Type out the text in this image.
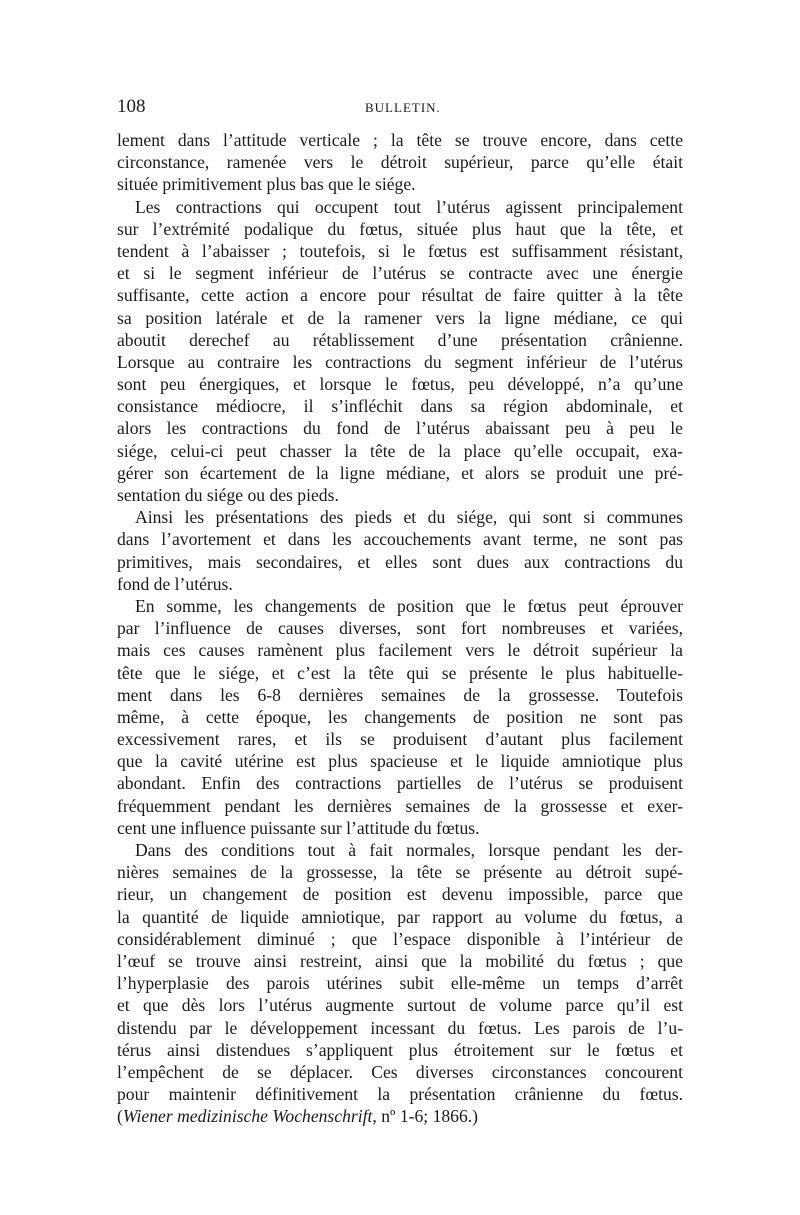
108	BULLETIN.
lement dans l’attitude verticale ; la tête se trouve encore, dans cette
circonstance, ramenée vers le détroit supérieur, parce qu’elle était
située primitivement plus bas que le siége.
Les contractions qui occupent tout l’utérus agissent principalement
sur l’extrémité podalique du fœtus, située plus haut que la tête, et
tendent à l’abaisser ; toutefois, si le fœtus est suffisamment résistant,
et si le segment inférieur de l’utérus se contracte avec une énergie
suffisante, cette action a encore pour résultat de faire quitter à la tête
sa position latérale et de la ramener vers la ligne médiane, ce qui
aboutit derechef au rétablissement d’une présentation crânienne.
Lorsque au contraire les contractions du segment inférieur de l’utérus
sont peu énergiques, et lorsque le fœtus, peu développé, n’a qu’une
consistance médiocre, il s’infléchit dans sa région abdominale, et
alors les contractions du fond de l’utérus abaissant peu à peu le
siége, celui-ci peut chasser la tête de la place qu’elle occupait, exa-
gérer son écartement de la ligne médiane, et alors se produit une pré-
sentation du siége ou des pieds.
Ainsi les présentations des pieds et du siége, qui sont si communes
dans l’avortement et dans les accouchements avant terme, ne sont pas
primitives, mais secondaires, et elles sont dues aux contractions du
fond de l’utérus.
En somme, les changements de position que le fœtus peut éprouver
par l’influence de causes diverses, sont fort nombreuses et variées,
mais ces causes ramènent plus facilement vers le détroit supérieur la
tête que le siége, et c’est la tête qui se présente le plus habituelle-
ment dans les 6-8 dernières semaines de la grossesse. Toutefois
même, à cette époque, les changements de position ne sont pas
excessivement rares, et ils se produisent d’autant plus facilement
que la cavité utérine est plus spacieuse et le liquide amniotique plus
abondant. Enfin des contractions partielles de l’utérus se produisent
fréquemment pendant les dernières semaines de la grossesse et exer-
cent une influence puissante sur l’attitude du fœtus.
Dans des conditions tout à fait normales, lorsque pendant les der-
nières semaines de la grossesse, la tête se présente au détroit supé-
rieur, un changement de position est devenu impossible, parce que
la quantité de liquide amniotique, par rapport au volume du fœtus, a
considérablement diminué ; que l’espace disponible à l’intérieur de
l’œuf se trouve ainsi restreint, ainsi que la mobilité du fœtus ; que
l’hyperplasie des parois utérines subit elle-même un temps d’arrêt
et que dès lors l’utérus augmente surtout de volume parce qu’il est
distendu par le développement incessant du fœtus. Les parois de l’u-
térus ainsi distendues s’appliquent plus étroitement sur le fœtus et
l’empêchent de se déplacer. Ces diverses circonstances concourent
pour maintenir définitivement la présentation crânienne du fœtus.
(Wiener medizinische Wochenschrift, nº 1-6; 1866.)
